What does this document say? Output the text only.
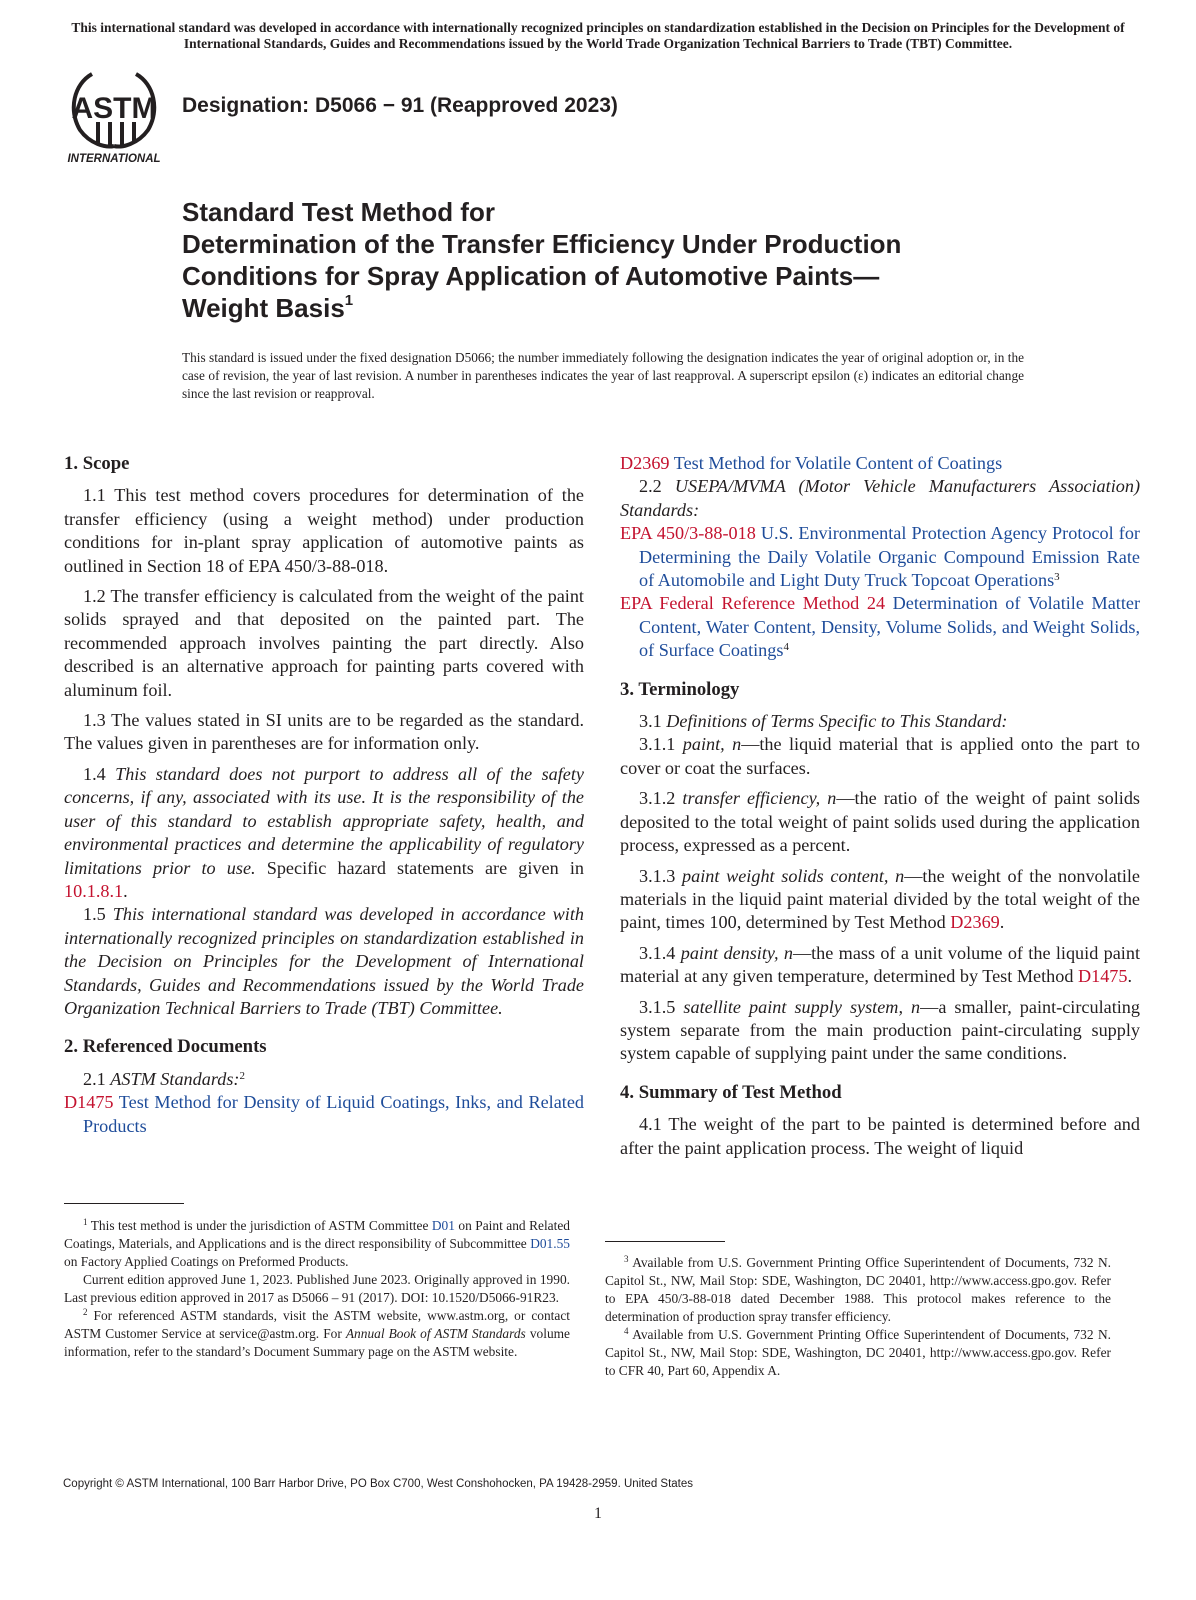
This international standard was developed in accordance with internationally recognized principles on standardization established in the Decision on Principles for the Development of International Standards, Guides and Recommendations issued by the World Trade Organization Technical Barriers to Trade (TBT) Committee.
ASTM
INTERNATIONAL
Designation: D5066 − 91 (Reapproved 2023)
Standard Test Method for
Determination of the Transfer Efficiency Under Production
Conditions for Spray Application of Automotive Paints—
Weight Basis$^1$
This standard is issued under the fixed designation D5066; the number immediately following the designation indicates the year of original adoption or, in the case of revision, the year of last revision. A number in parentheses indicates the year of last reapproval. A superscript epsilon (ε) indicates an editorial change since the last revision or reapproval.
1. Scope

1.1 This test method covers procedures for determination of the transfer efficiency (using a weight method) under production conditions for in-plant spray application of automotive paints as outlined in Section 18 of EPA 450/3-88-018.

1.2 The transfer efficiency is calculated from the weight of the paint solids sprayed and that deposited on the painted part. The recommended approach involves painting the part directly. Also described is an alternative approach for painting parts covered with aluminum foil.

1.3 The values stated in SI units are to be regarded as the standard. The values given in parentheses are for information only.

1.4 This standard does not purport to address all of the safety concerns, if any, associated with its use. It is the responsibility of the user of this standard to establish appropriate safety, health, and environmental practices and determine the applicability of regulatory limitations prior to use. Specific hazard statements are given in 10.1.8.1.

1.5 This international standard was developed in accordance with internationally recognized principles on standardization established in the Decision on Principles for the Development of International Standards, Guides and Recommendations issued by the World Trade Organization Technical Barriers to Trade (TBT) Committee.

2. Referenced Documents

2.1 ASTM Standards:$^2$

D1475 Test Method for Density of Liquid Coatings, Inks, and Related Products
D2369 Test Method for Volatile Content of Coatings

2.2 USEPA/MVMA (Motor Vehicle Manufacturers Association) Standards:

EPA 450/3-88-018 U.S. Environmental Protection Agency Protocol for Determining the Daily Volatile Organic Compound Emission Rate of Automobile and Light Duty Truck Topcoat Operations$^3$
EPA Federal Reference Method 24 Determination of Volatile Matter Content, Water Content, Density, Volume Solids, and Weight Solids, of Surface Coatings$^4$
3. Terminology

3.1 Definitions of Terms Specific to This Standard:

3.1.1 paint, n—the liquid material that is applied onto the part to cover or coat the surfaces.

3.1.2 transfer efficiency, n—the ratio of the weight of paint solids deposited to the total weight of paint solids used during the application process, expressed as a percent.

3.1.3 paint weight solids content, n—the weight of the nonvolatile materials in the liquid paint material divided by the total weight of the paint, times 100, determined by Test Method D2369.

3.1.4 paint density, n—the mass of a unit volume of the liquid paint material at any given temperature, determined by Test Method D1475.

3.1.5 satellite paint supply system, n—a smaller, paint-circulating system separate from the main production paint-circulating supply system capable of supplying paint under the same conditions.

4. Summary of Test Method

4.1 The weight of the part to be painted is determined before and after the paint application process. The weight of liquid

$^1$ This test method is under the jurisdiction of ASTM Committee D01 on Paint and Related Coatings, Materials, and Applications and is the direct responsibility of Subcommittee D01.55 on Factory Applied Coatings on Preformed Products.

Current edition approved June 1, 2023. Published June 2023. Originally approved in 1990. Last previous edition approved in 2017 as D5066 – 91 (2017). DOI: 10.1520/D5066-91R23.

$^2$ For referenced ASTM standards, visit the ASTM website, www.astm.org, or contact ASTM Customer Service at service@astm.org. For Annual Book of ASTM Standards volume information, refer to the standard’s Document Summary page on the ASTM website.

$^3$ Available from U.S. Government Printing Office Superintendent of Documents, 732 N. Capitol St., NW, Mail Stop: SDE, Washington, DC 20401, http://www.access.gpo.gov. Refer to EPA 450/3-88-018 dated December 1988. This protocol makes reference to the determination of production spray transfer efficiency.

$^4$ Available from U.S. Government Printing Office Superintendent of Documents, 732 N. Capitol St., NW, Mail Stop: SDE, Washington, DC 20401, http://www.access.gpo.gov. Refer to CFR 40, Part 60, Appendix A.

Copyright © ASTM International, 100 Barr Harbor Drive, PO Box C700, West Conshohocken, PA 19428-2959. United States
1
